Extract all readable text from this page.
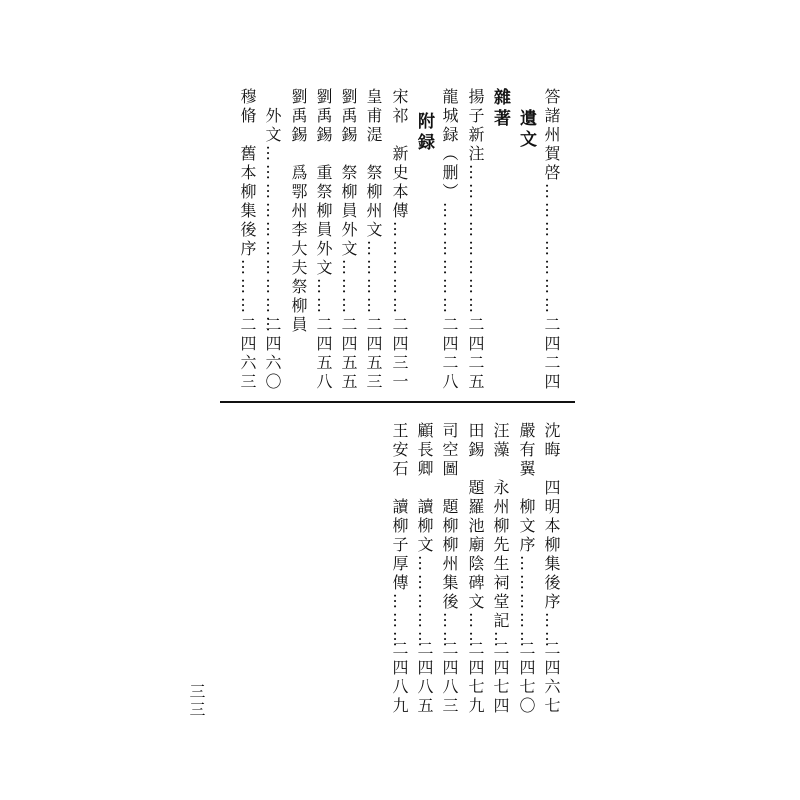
答諸州賀啓…………………
二四二四
　遺文
雜著
揚子新注……………………
二四二五
龍城録（删）………………
二四二八
附録
宋祁　新史本傳……………
二四三一
皇甫湜　祭柳州文…………
二四五三
劉禹錫　祭柳員外文………
二四五五
劉禹錫　重祭柳員外文……
二四五八
劉禹錫　爲鄂州李大夫祭柳員
　外文…………………………
二四六〇
穆脩　舊本柳集後序………
二四六三
沈晦　四明本柳集後序……
二四六七
嚴有翼　柳文序……………
二四七〇
汪藻　永州柳先生祠堂記…
二四七四
田錫　題羅池廟陰碑文……
二四七九
司空圖　題柳柳州集後……
二四八三
顧長卿　讀柳文……………
二四八五
王安石　讀柳子厚傳………
二四八九
三三
